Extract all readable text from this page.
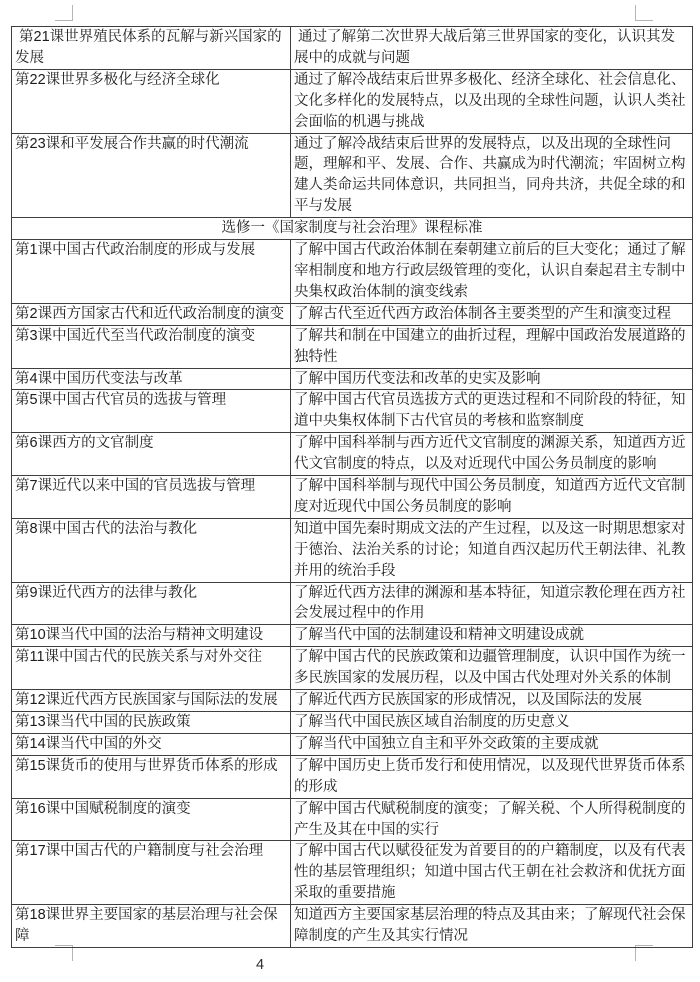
第21课世界殖民体系的瓦解与新兴国家的发展	通过了解第二次世界大战后第三世界国家的变化，认识其发展中的成就与问题
第22课世界多极化与经济全球化	通过了解冷战结束后世界多极化、经济全球化、社会信息化、文化多样化的发展特点，以及出现的全球性问题，认识人类社会面临的机遇与挑战
第23课和平发展合作共赢的时代潮流	通过了解冷战结束后世界的发展特点，以及出现的全球性问题，理解和平、发展、合作、共赢成为时代潮流；牢固树立构建人类命运共同体意识，共同担当，同舟共济，共促全球的和平与发展
选修一《国家制度与社会治理》课程标准	
第1课中国古代政治制度的形成与发展	了解中国古代政治体制在秦朝建立前后的巨大变化；通过了解宰相制度和地方行政层级管理的变化，认识自秦起君主专制中央集权政治体制的演变线索
第2课西方国家古代和近代政治制度的演变	了解古代至近代西方政治体制各主要类型的产生和演变过程
第3课中国近代至当代政治制度的演变	了解共和制在中国建立的曲折过程，理解中国政治发展道路的独特性
第4课中国历代变法与改革	了解中国历代变法和改革的史实及影响
第5课中国古代官员的选拔与管理	了解中国古代官员选拔方式的更迭过程和不同阶段的特征，知道中央集权体制下古代官员的考核和监察制度
第6课西方的文官制度	了解中国科举制与西方近代文官制度的渊源关系，知道西方近代文官制度的特点，以及对近现代中国公务员制度的影响
第7课近代以来中国的官员选拔与管理	了解中国科举制与现代中国公务员制度，知道西方近代文官制度对近现代中国公务员制度的影响
第8课中国古代的法治与教化	知道中国先秦时期成文法的产生过程，以及这一时期思想家对于德治、法治关系的讨论；知道自西汉起历代王朝法律、礼教并用的统治手段
第9课近代西方的法律与教化	了解近代西方法律的渊源和基本特征，知道宗教伦理在西方社会发展过程中的作用
第10课当代中国的法治与精神文明建设	了解当代中国的法制建设和精神文明建设成就
第11课中国古代的民族关系与对外交往	了解中国古代的民族政策和边疆管理制度，认识中国作为统一多民族国家的发展历程，以及中国古代处理对外关系的体制
第12课近代西方民族国家与国际法的发展	了解近代西方民族国家的形成情况，以及国际法的发展
第13课当代中国的民族政策	了解当代中国民族区域自治制度的历史意义
第14课当代中国的外交	了解当代中国独立自主和平外交政策的主要成就
第15课货币的使用与世界货币体系的形成	了解中国历史上货币发行和使用情况，以及现代世界货币体系的形成
第16课中国赋税制度的演变	了解中国古代赋税制度的演变；了解关税、个人所得税制度的产生及其在中国的实行
第17课中国古代的户籍制度与社会治理	了解中国古代以赋役征发为首要目的的户籍制度，以及有代表性的基层管理组织；知道中国古代王朝在社会救济和优抚方面采取的重要措施
第18课世界主要国家的基层治理与社会保障	知道西方主要国家基层治理的特点及其由来；了解现代社会保障制度的产生及其实行情况
4
